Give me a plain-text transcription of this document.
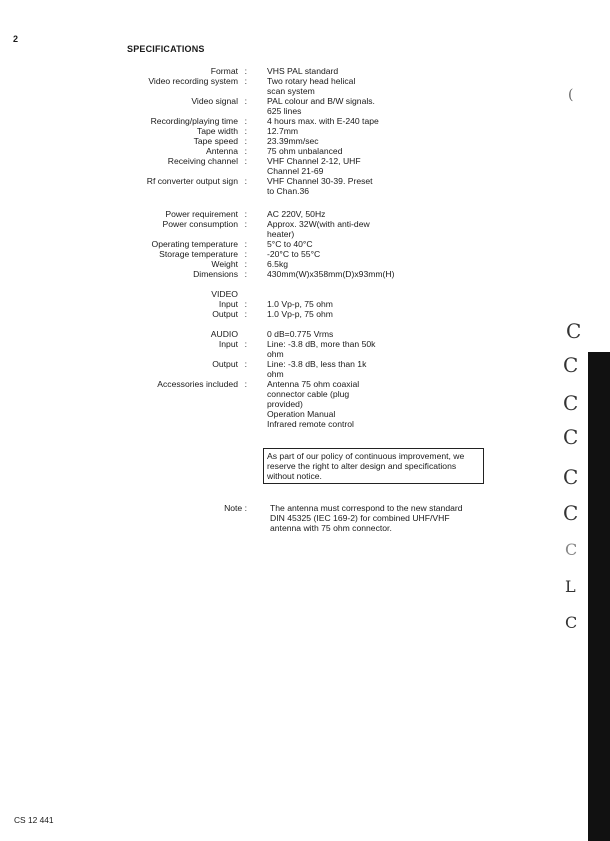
2
SPECIFICATIONS
Format : VHS PAL standard
Video recording system : Two rotary head helical
scan system
Video signal : PAL colour and B/W signals.
625 lines
Recording/playing time : 4 hours max. with E-240 tape
Tape width : 12.7mm
Tape speed : 23.39mm/sec
Antenna : 75 ohm unbalanced
Receiving channel : VHF Channel 2-12, UHF
Channel 21-69
Rf converter output sign : VHF Channel 30-39. Preset
to Chan.36
Power requirement : AC 220V, 50Hz
Power consumption : Approx. 32W(with anti-dew
heater)
Operating temperature : 5°C to 40°C
Storage temperature : -20°C to 55°C
Weight : 6.5kg
Dimensions : 430mm(W)x358mm(D)x93mm(H)
VIDEO

Input : 1.0 Vp-p, 75 ohm
Output : 1.0 Vp-p, 75 ohm
AUDIO	0 dB=0.775 Vrms
Input : Line: -3.8 dB, more than 50k
ohm
Output : Line: -3.8 dB, less than 1k
ohm
Accessories included : Antenna 75 ohm coaxial
connector cable (plug
provided)
Operation Manual
Infrared remote control
As part of our policy of continuous improvement, we reserve the right to alter design and specifications without notice.
Note :	The antenna must correspond to the new standard DIN 45325 (IEC 169-2) for combined UHF/VHF antenna with 75 ohm connector.
CS 12 441
C
C
C
C
C
C
C
L
C
(
